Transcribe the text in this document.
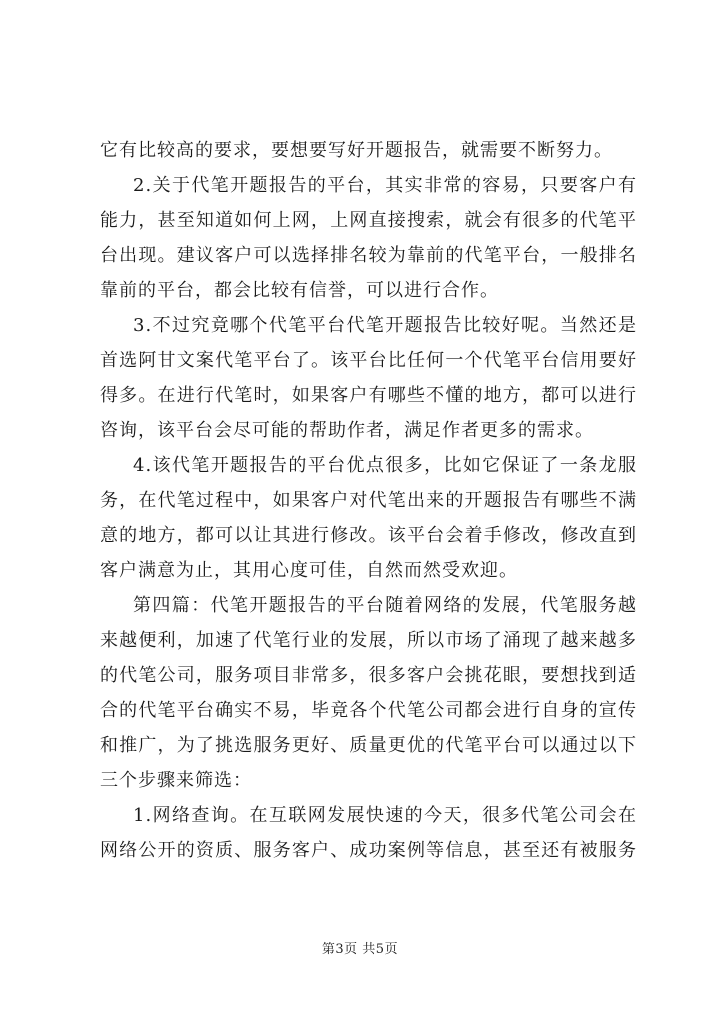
它有比较高的要求，要想要写好开题报告，就需要不断努力。
2.关于代笔开题报告的平台，其实非常的容易，只要客户有
能力，甚至知道如何上网，上网直接搜索，就会有很多的代笔平
台出现。建议客户可以选择排名较为靠前的代笔平台，一般排名
靠前的平台，都会比较有信誉，可以进行合作。
3.不过究竟哪个代笔平台代笔开题报告比较好呢。当然还是
首选阿甘文案代笔平台了。该平台比任何一个代笔平台信用要好
得多。在进行代笔时，如果客户有哪些不懂的地方，都可以进行
咨询，该平台会尽可能的帮助作者，满足作者更多的需求。
4.该代笔开题报告的平台优点很多，比如它保证了一条龙服
务，在代笔过程中，如果客户对代笔出来的开题报告有哪些不满
意的地方，都可以让其进行修改。该平台会着手修改，修改直到
客户满意为止，其用心度可佳，自然而然受欢迎。
第四篇：代笔开题报告的平台随着网络的发展，代笔服务越
来越便利，加速了代笔行业的发展，所以市场了涌现了越来越多
的代笔公司，服务项目非常多，很多客户会挑花眼，要想找到适
合的代笔平台确实不易，毕竟各个代笔公司都会进行自身的宣传
和推广，为了挑选服务更好、质量更优的代笔平台可以通过以下
三个步骤来筛选：
1.网络查询。在互联网发展快速的今天，很多代笔公司会在
网络公开的资质、服务客户、成功案例等信息，甚至还有被服务
第3页 共5页
